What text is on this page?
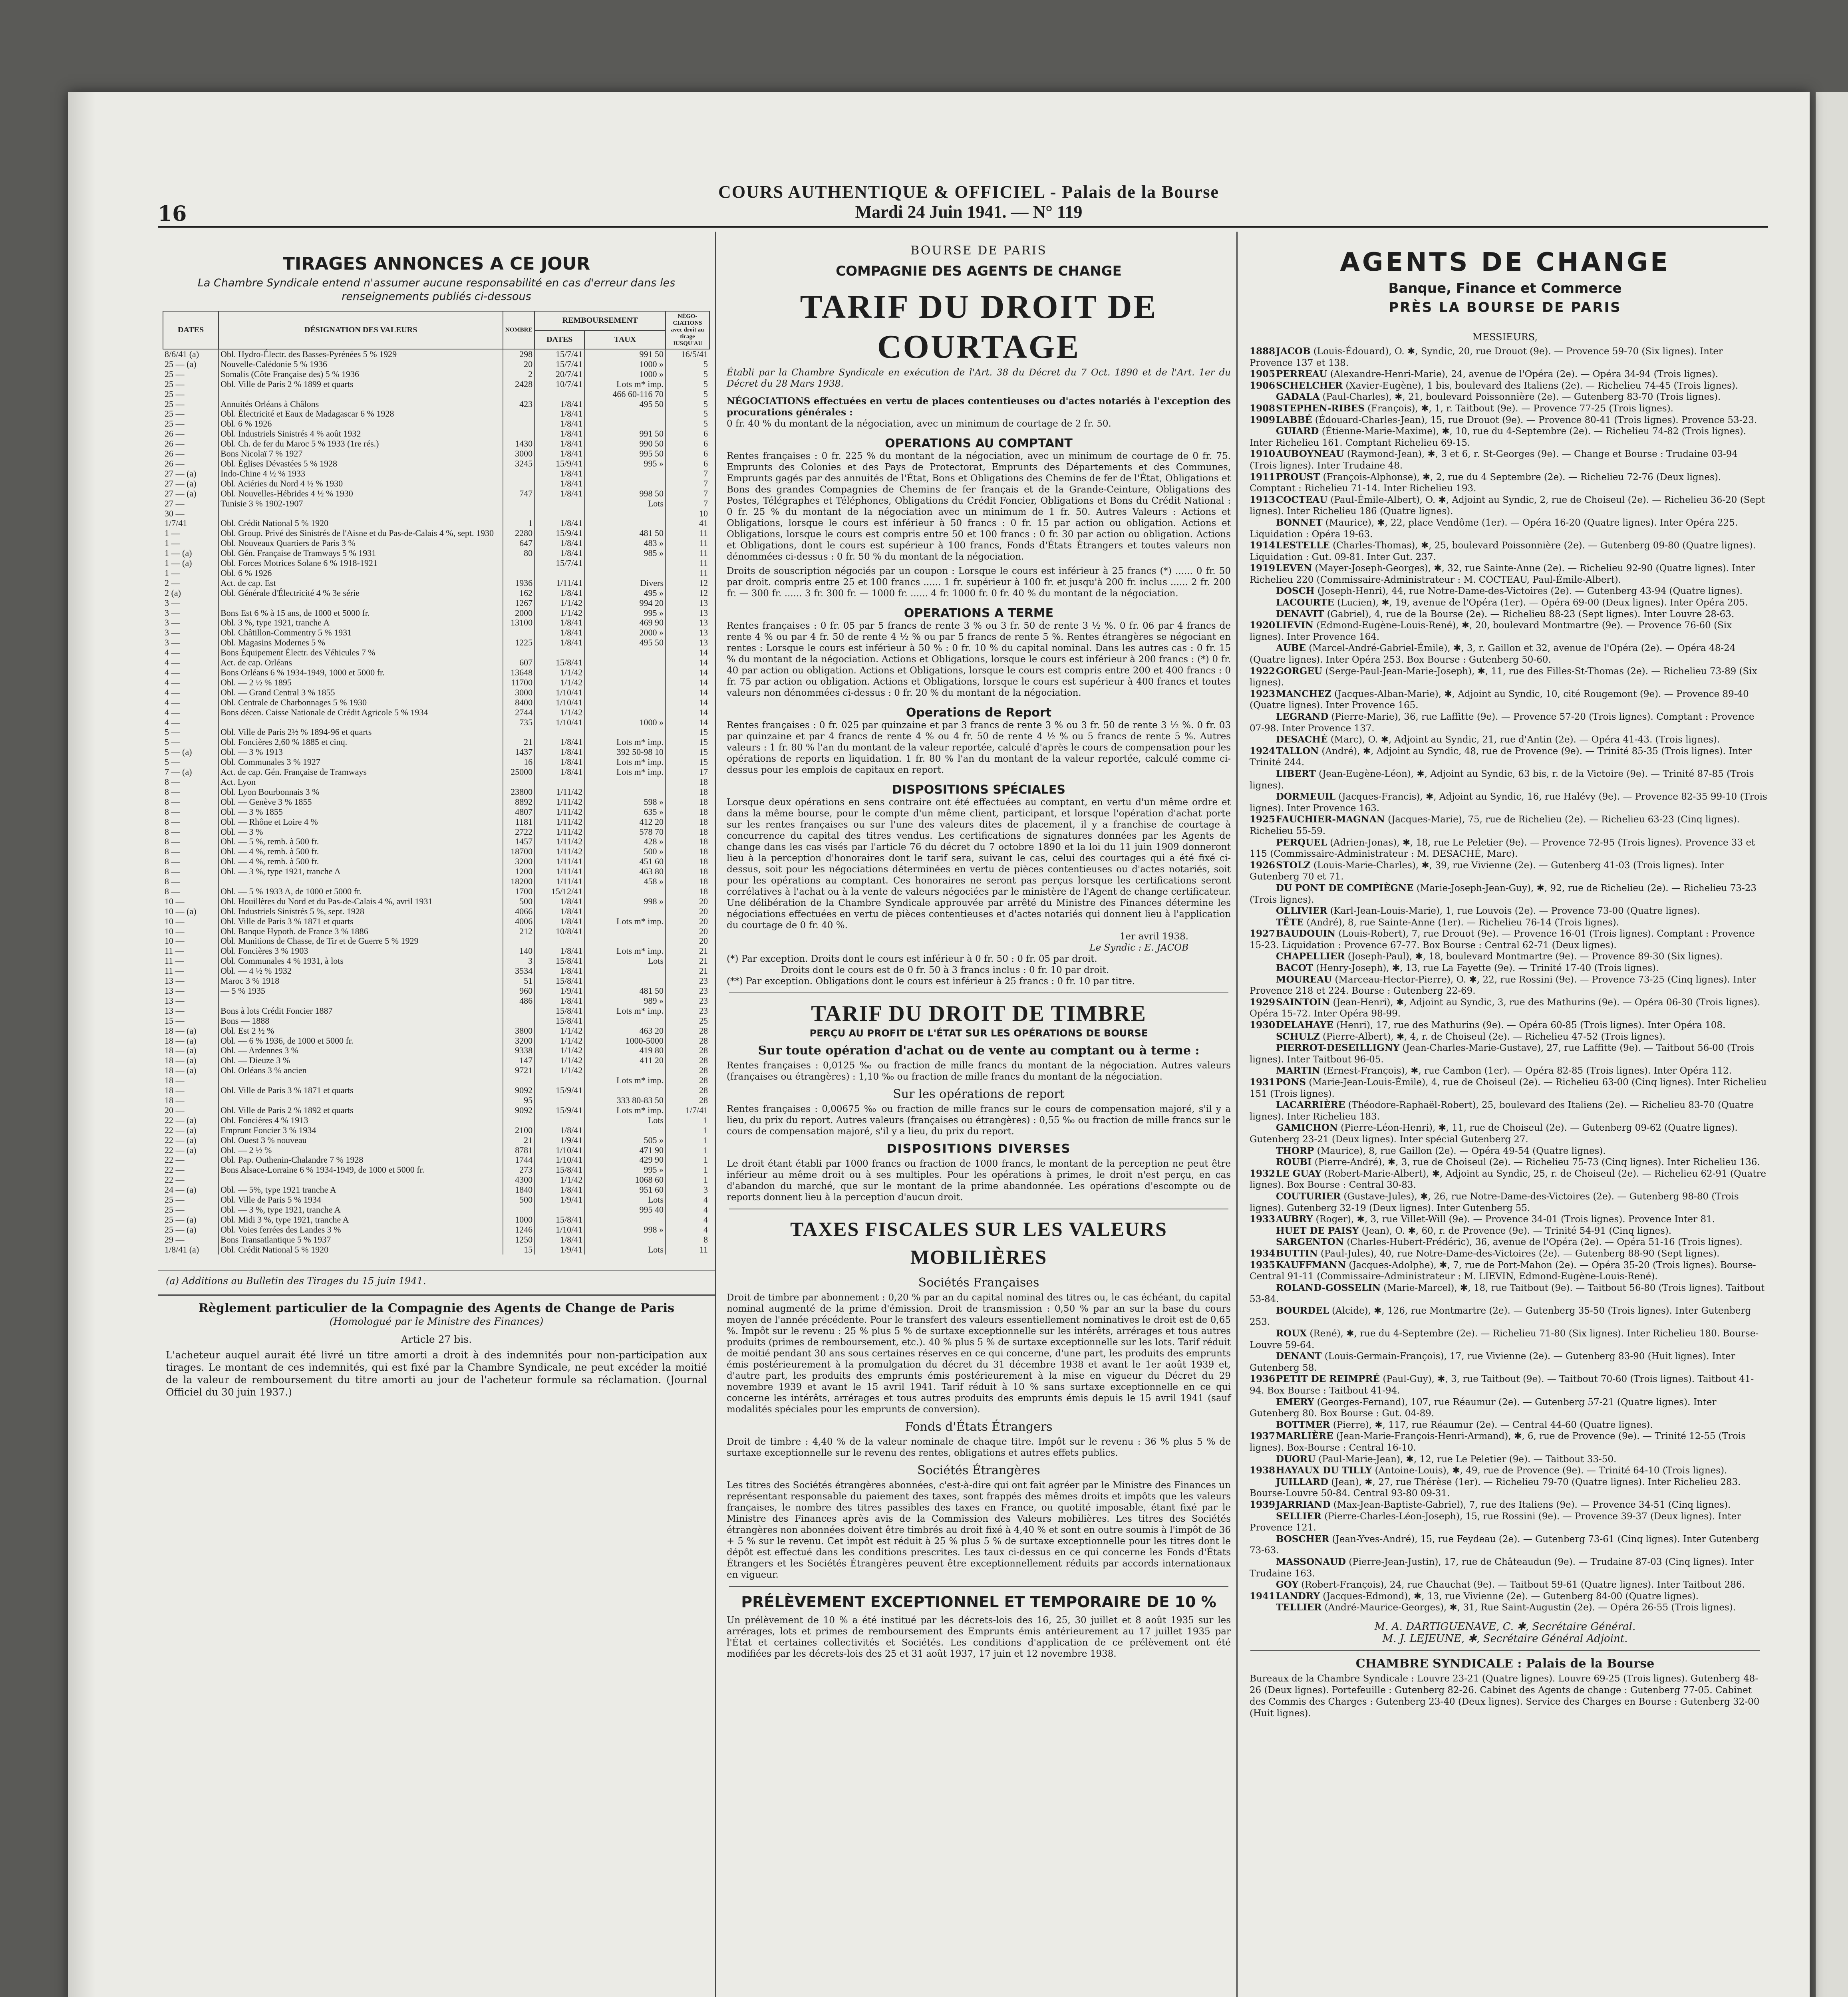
16
COURS AUTHENTIQUE & OFFICIEL - Palais de la Bourse
Mardi 24 Juin 1941. — N° 119
TIRAGES ANNONCES A CE JOUR
La Chambre Syndicale entend n'assumer aucune responsabilité en cas d'erreur dans les renseignements publiés ci-dessous
DATES	DÉSIGNATION DES VALEURS	NOMBRE	REMBOURSEMENT		NÉGO-CIATIONS avec droit au tirage JUSQU'AU
			DATES	TAUX	
8/6/41 (a)	Obl. Hydro-Électr. des Basses-Pyrénées 5 % 1929	298	15/7/41	991 50	16/5/41
25 — (a)	Nouvelle-Calédonie 5 % 1936	20	15/7/41	1000 »	5
25 —	Somalis (Côte Française des) 5 % 1936	2	20/7/41	1000 »	5
25 —	Obl. Ville de Paris 2 % 1899 et quarts	2428	10/7/41	Lots m* imp.	5
25 —				466 60-116 70	5
25 —	Annuités Orléans à Châlons	423	1/8/41	495 50	5
25 —	Obl. Électricité et Eaux de Madagascar 6 % 1928		1/8/41		5
25 —	Obl. 6 % 1926		1/8/41		5
26 —	Obl. Industriels Sinistrés 4 % août 1932		1/8/41	991 50	6
26 —	Obl. Ch. de fer du Maroc 5 % 1933 (1re rés.)	1430	1/8/41	990 50	6
26 —	Bons Nicolaï 7 % 1927	3000	1/8/41	995 50	6
26 —	Obl. Églises Dévastées 5 % 1928	3245	15/9/41	995 »	6
27 — (a)	Indo-Chine 4 ½ % 1933		1/8/41		7
27 — (a)	Obl. Aciéries du Nord 4 ½ % 1930		1/8/41		7
27 — (a)	Obl. Nouvelles-Hébrides 4 ½ % 1930	747	1/8/41	998 50	7
27 —	Tunisie 3 % 1902-1907			Lots	7
30 —					10
1/7/41	Obl. Crédit National 5 % 1920	1	1/8/41		41

1 —	Obl. Group. Privé des Sinistrés de l'Aisne et du Pas-de-Calais 4 %, sept. 1930	2280	15/9/41	481 50	11
1 —	Obl. Nouveaux Quartiers de Paris 3 %	647	1/8/41	483 »	11
1 — (a)	Obl. Gén. Française de Tramways 5 % 1931	80	1/8/41	985 »	11
1 — (a)	Obl. Forces Motrices Solane 6 % 1918-1921		15/7/41		11
1 —	Obl. 6 % 1926				11
2 —	Act. de cap. Est	1936	1/11/41	Divers	12
2 (a)	Obl. Générale d'Électricité 4 % 3e série	162	1/8/41	495 »	12
3 —		1267	1/1/42	994 20	13
3 —	Bons Est 6 % à 15 ans, de 1000 et 5000 fr.	2000	1/1/42	995 »	13
3 —	Obl. 3 %, type 1921, tranche A	13100	1/8/41	469 90	13
3 —	Obl. Châtillon-Commentry 5 % 1931		1/8/41	2000 »	13
3 —	Obl. Magasins Modernes 5 %	1225	1/8/41	495 50	13
4 —	Bons Équipement Électr. des Véhicules 7 %				14
4 —	Act. de cap. Orléans	607	15/8/41		14
4 —	Bons Orléans 6 % 1934-1949, 1000 et 5000 fr.	13648	1/1/42		14
4 —	Obl. — 2 ½ % 1895	11700	1/1/42		14
4 —	Obl. — Grand Central 3 % 1855	3000	1/10/41		14
4 —	Obl. Centrale de Charbonnages 5 % 1930	8400	1/10/41		14
4 —	Bons décen. Caisse Nationale de Crédit Agricole 5 % 1934	2744	1/1/42		14
4 —		735	1/10/41	1000 »	14
5 —	Obl. Ville de Paris 2½ % 1894-96 et quarts				15
5 —	Obl. Foncières 2,60 % 1885 et cinq.	21	1/8/41	Lots m* imp.	15
5 — (a)	Obl. — 3 % 1913	1437	1/8/41	392 50-98 10	15
5 —	Obl. Communales 3 % 1927	16	1/8/41	Lots m* imp.	15
7 — (a)	Act. de cap. Gén. Française de Tramways	25000	1/8/41	Lots m* imp.	17
8 —	Act. Lyon				18
8 —	Obl. Lyon Bourbonnais 3 %	23800	1/11/42		18
8 —	Obl. — Genève 3 % 1855	8892	1/11/42	598 »	18
8 —	Obl. — 3 % 1855	4807	1/11/42	635 »	18
8 —	Obl. — Rhône et Loire 4 %	1181	1/11/42	412 20	18
8 —	Obl. — 3 %	2722	1/11/42	578 70	18
8 —	Obl. — 5 %, remb. à 500 fr.	1457	1/11/42	428 »	18
8 —	Obl. — 4 %, remb. à 500 fr.	18700	1/11/42	500 »	18
8 —	Obl. — 4 %, remb. à 500 fr.	3200	1/11/41	451 60	18
8 —	Obl. — 3 %, type 1921, tranche A	1200	1/11/41	463 80	18
8 —		18200	1/11/41	458 »	18
8 —	Obl. — 5 % 1933 A, de 1000 et 5000 fr.	1700	15/12/41		18
10 —	Obl. Houillères du Nord et du Pas-de-Calais 4 %, avril 1931	500	1/8/41	998 »	20
10 — (a)	Obl. Industriels Sinistrés 5 %, sept. 1928	4066	1/8/41		20
10 —	Obl. Ville de Paris 3 % 1871 et quarts	4006	1/8/41	Lots m* imp.	20
10 —	Obl. Banque Hypoth. de France 3 % 1886	212	10/8/41		20
10 —	Obl. Munitions de Chasse, de Tir et de Guerre 5 % 1929				20
11 —	Obl. Foncières 3 % 1903	140	1/8/41	Lots m* imp.	21
11 —	Obl. Communales 4 % 1931, à lots	3	15/8/41	Lots	21
11 —	Obl. — 4 ½ % 1932	3534	1/8/41		21
13 —	Maroc 3 % 1918	51	15/8/41		23
13 —	— 5 % 1935	960	1/9/41	481 50	23
13 —		486	1/8/41	989 »	23
13 —	Bons à lots Crédit Foncier 1887		15/8/41	Lots m* imp.	23
15 —	Bons — 1888		15/8/41		25
18 — (a)	Obl. Est 2 ½ %	3800	1/1/42	463 20	28
18 — (a)	Obl. — 6 % 1936, de 1000 et 5000 fr.	3200	1/1/42	1000-5000	28
18 — (a)	Obl. — Ardennes 3 %	9338	1/1/42	419 80	28
18 — (a)	Obl. — Dieuze 3 %	147	1/1/42	411 20	28
18 — (a)	Obl. Orléans 3 % ancien	9721	1/1/42		28
18 —				Lots m* imp.	28
18 —	Obl. Ville de Paris 3 % 1871 et quarts	9092	15/9/41		28
18 —		95		333 80-83 50	28
20 —	Obl. Ville de Paris 2 % 1892 et quarts	9092	15/9/41	Lots m* imp.	1/7/41
22 — (a)	Obl. Foncières 4 % 1913			Lots	1
22 — (a)	Emprunt Foncier 3 % 1934	2100	1/8/41		1
22 — (a)	Obl. Ouest 3 % nouveau	21	1/9/41	505 »	1
22 — (a)	Obl. — 2 ½ %	8781	1/10/41	471 90	1
22 —	Obl. Pap. Outhenin-Chalandre 7 % 1928	1744	1/10/41	429 90	1
22 —	Bons Alsace-Lorraine 6 % 1934-1949, de 1000 et 5000 fr.	273	15/8/41	995 »	1
22 —		4300	1/1/42	1068 60	1
24 — (a)	Obl. — 5%, type 1921 tranche A	1840	1/8/41	951 60	3
25 —	Obl. Ville de Paris 5 % 1934	500	1/9/41	Lots	4
25 —	Obl. — 3 %, type 1921, tranche A			995 40	4
25 — (a)	Obl. Midi 3 %, type 1921, tranche A	1000	15/8/41		4
25 — (a)	Obl. Voies ferrées des Landes 3 %	1246	1/10/41	998 »	4
29 —	Bons Transatlantique 5 % 1937	1250	1/8/41		8
1/8/41 (a)	Obl. Crédit National 5 % 1920	15	1/9/41	Lots	11
(a) Additions au Bulletin des Tirages du 15 juin 1941.
Règlement particulier de la Compagnie des Agents de Change de Paris
(Homologué par le Ministre des Finances)
Article 27 bis.
L'acheteur auquel aurait été livré un titre amorti a droit à des indemnités pour non-participation aux tirages. Le montant de ces indemnités, qui est fixé par la Chambre Syndicale, ne peut excéder la moitié de la valeur de remboursement du titre amorti au jour de l'acheteur formule sa réclamation. (Journal Officiel du 30 juin 1937.)
BOURSE DE PARIS
COMPAGNIE DES AGENTS DE CHANGE
TARIF DU DROIT DE COURTAGE
Établi par la Chambre Syndicale en exécution de l'Art. 38 du Décret du 7 Oct. 1890 et de l'Art. 1er du Décret du 28 Mars 1938.
NÉGOCIATIONS effectuées en vertu de places contentieuses ou d'actes notariés à l'exception des procurations générales :
0 fr. 40 % du montant de la négociation, avec un minimum de courtage de 2 fr. 50.
OPERATIONS AU COMPTANT
Rentes françaises : 0 fr. 225 % du montant de la négociation, avec un minimum de courtage de 0 fr. 75. Emprunts des Colonies et des Pays de Protectorat, Emprunts des Départements et des Communes, Emprunts gagés par des annuités de l'État, Bons et Obligations des Chemins de fer de l'État, Obligations et Bons des grandes Compagnies de Chemins de fer français et de la Grande-Ceinture, Obligations des Postes, Télégraphes et Téléphones, Obligations du Crédit Foncier, Obligations et Bons du Crédit National : 0 fr. 25 % du montant de la négociation avec un minimum de 1 fr. 50. Autres Valeurs : Actions et Obligations, lorsque le cours est inférieur à 50 francs : 0 fr. 15 par action ou obligation. Actions et Obligations, lorsque le cours est compris entre 50 et 100 francs : 0 fr. 30 par action ou obligation. Actions et Obligations, dont le cours est supérieur à 100 francs, Fonds d'États Étrangers et toutes valeurs non dénommées ci-dessus : 0 fr. 50 % du montant de la négociation.
Droits de souscription négociés par un coupon : Lorsque le cours est inférieur à 25 francs (*) ...... 0 fr. 50 par droit. compris entre 25 et 100 francs ...... 1 fr. supérieur à 100 fr. et jusqu'à 200 fr. inclus ...... 2 fr. 200 fr. — 300 fr. ...... 3 fr. 300 fr. — 1000 fr. ...... 4 fr. 1000 fr. 0 fr. 40 % du montant de la négociation.
OPERATIONS A TERME
Rentes françaises : 0 fr. 05 par 5 francs de rente 3 % ou 3 fr. 50 de rente 3 ½ %. 0 fr. 06 par 4 francs de rente 4 % ou par 4 fr. 50 de rente 4 ½ % ou par 5 francs de rente 5 %. Rentes étrangères se négociant en rentes : Lorsque le cours est inférieur à 50 % : 0 fr. 10 % du capital nominal. Dans les autres cas : 0 fr. 15 % du montant de la négociation. Actions et Obligations, lorsque le cours est inférieur à 200 francs : (*) 0 fr. 40 par action ou obligation. Actions et Obligations, lorsque le cours est compris entre 200 et 400 francs : 0 fr. 75 par action ou obligation. Actions et Obligations, lorsque le cours est supérieur à 400 francs et toutes valeurs non dénommées ci-dessus : 0 fr. 20 % du montant de la négociation.
Operations de Report
Rentes françaises : 0 fr. 025 par quinzaine et par 3 francs de rente 3 % ou 3 fr. 50 de rente 3 ½ %. 0 fr. 03 par quinzaine et par 4 francs de rente 4 % ou 4 fr. 50 de rente 4 ½ % ou 5 francs de rente 5 %. Autres valeurs : 1 fr. 80 % l'an du montant de la valeur reportée, calculé d'après le cours de compensation pour les opérations de reports en liquidation. 1 fr. 80 % l'an du montant de la valeur reportée, calculé comme ci-dessus pour les emplois de capitaux en report.
DISPOSITIONS SPÉCIALES
Lorsque deux opérations en sens contraire ont été effectuées au comptant, en vertu d'un même ordre et dans la même bourse, pour le compte d'un même client, participant, et lorsque l'opération d'achat porte sur les rentes françaises ou sur l'une des valeurs dites de placement, il y a franchise de courtage à concurrence du capital des titres vendus. Les certifications de signatures données par les Agents de change dans les cas visés par l'article 76 du décret du 7 octobre 1890 et la loi du 11 juin 1909 donneront lieu à la perception d'honoraires dont le tarif sera, suivant le cas, celui des courtages qui a été fixé ci-dessus, soit pour les négociations déterminées en vertu de pièces contentieuses ou d'actes notariés, soit pour les opérations au comptant. Ces honoraires ne seront pas perçus lorsque les certifications seront corrélatives à l'achat ou à la vente de valeurs négociées par le ministère de l'Agent de change certificateur. Une délibération de la Chambre Syndicale approuvée par arrêté du Ministre des Finances détermine les négociations effectuées en vertu de pièces contentieuses et d'actes notariés qui donnent lieu à l'application du courtage de 0 fr. 40 %.
1er avril 1938.
Le Syndic : E. JACOB
(*) Par exception. Droits dont le cours est inférieur à 0 fr. 50 : 0 fr. 05 par droit.
Droits dont le cours est de 0 fr. 50 à 3 francs inclus : 0 fr. 10 par droit.
(**) Par exception. Obligations dont le cours est inférieur à 25 francs : 0 fr. 10 par titre.
TARIF DU DROIT DE TIMBRE
PERÇU AU PROFIT DE L'ÉTAT SUR LES OPÉRATIONS DE BOURSE
Sur toute opération d'achat ou de vente au comptant ou à terme :
Rentes françaises : 0,0125 ‰ ou fraction de mille francs du montant de la négociation. Autres valeurs (françaises ou étrangères) : 1,10 ‰ ou fraction de mille francs du montant de la négociation.
Sur les opérations de report
Rentes françaises : 0,00675 ‰ ou fraction de mille francs sur le cours de compensation majoré, s'il y a lieu, du prix du report. Autres valeurs (françaises ou étrangères) : 0,55 ‰ ou fraction de mille francs sur le cours de compensation majoré, s'il y a lieu, du prix du report.
DISPOSITIONS DIVERSES
Le droit étant établi par 1000 francs ou fraction de 1000 francs, le montant de la perception ne peut être inférieur au même droit ou à ses multiples. Pour les opérations à primes, le droit n'est perçu, en cas d'abandon du marché, que sur le montant de la prime abandonnée. Les opérations d'escompte ou de reports donnent lieu à la perception d'aucun droit.
TAXES FISCALES SUR LES VALEURS MOBILIÈRES
Sociétés Françaises
Droit de timbre par abonnement : 0,20 % par an du capital nominal des titres ou, le cas échéant, du capital nominal augmenté de la prime d'émission. Droit de transmission : 0,50 % par an sur la base du cours moyen de l'année précédente. Pour le transfert des valeurs essentiellement nominatives le droit est de 0,65 %. Impôt sur le revenu : 25 % plus 5 % de surtaxe exceptionnelle sur les intérêts, arrérages et tous autres produits (primes de remboursement, etc.). 40 % plus 5 % de surtaxe exceptionnelle sur les lots. Tarif réduit de moitié pendant 30 ans sous certaines réserves en ce qui concerne, d'une part, les produits des emprunts émis postérieurement à la promulgation du décret du 31 décembre 1938 et avant le 1er août 1939 et, d'autre part, les produits des emprunts émis postérieurement à la mise en vigueur du Décret du 29 novembre 1939 et avant le 15 avril 1941. Tarif réduit à 10 % sans surtaxe exceptionnelle en ce qui concerne les intérêts, arrérages et tous autres produits des emprunts émis depuis le 15 avril 1941 (sauf modalités spéciales pour les emprunts de conversion).
Fonds d'États Étrangers
Droit de timbre : 4,40 % de la valeur nominale de chaque titre. Impôt sur le revenu : 36 % plus 5 % de surtaxe exceptionnelle sur le revenu des rentes, obligations et autres effets publics.
Sociétés Étrangères
Les titres des Sociétés étrangères abonnées, c'est-à-dire qui ont fait agréer par le Ministre des Finances un représentant responsable du paiement des taxes, sont frappés des mêmes droits et impôts que les valeurs françaises, le nombre des titres passibles des taxes en France, ou quotité imposable, étant fixé par le Ministre des Finances après avis de la Commission des Valeurs mobilières. Les titres des Sociétés étrangères non abonnées doivent être timbrés au droit fixé à 4,40 % et sont en outre soumis à l'impôt de 36 + 5 % sur le revenu. Cet impôt est réduit à 25 % plus 5 % de surtaxe exceptionnelle pour les titres dont le dépôt est effectué dans les conditions prescrites. Les taux ci-dessus en ce qui concerne les Fonds d'États Étrangers et les Sociétés Étrangères peuvent être exceptionnellement réduits par accords internationaux en vigueur.
PRÉLÈVEMENT EXCEPTIONNEL ET TEMPORAIRE DE 10 %
Un prélèvement de 10 % a été institué par les décrets-lois des 16, 25, 30 juillet et 8 août 1935 sur les arrérages, lots et primes de remboursement des Emprunts émis antérieurement au 17 juillet 1935 par l'État et certaines collectivités et Sociétés. Les conditions d'application de ce prélèvement ont été modifiées par les décrets-lois des 25 et 31 août 1937, 17 juin et 12 novembre 1938.
AGENTS DE CHANGE
Banque, Finance et Commerce
PRÈS LA BOURSE DE PARIS
MESSIEURS,
1888JACOB (Louis-Édouard), O. ✱, Syndic, 20, rue Drouot (9e). — Provence 59-70 (Six lignes). Inter Provence 137 et 138.
1905PERREAU (Alexandre-Henri-Marie), 24, avenue de l'Opéra (2e). — Opéra 34-94 (Trois lignes).
1906SCHELCHER (Xavier-Eugène), 1 bis, boulevard des Italiens (2e). — Richelieu 74-45 (Trois lignes).
GADALA (Paul-Charles), ✱, 21, boulevard Poissonnière (2e). — Gutenberg 83-70 (Trois lignes).
1908STEPHEN-RIBES (François), ✱, 1, r. Taitbout (9e). — Provence 77-25 (Trois lignes).
1909LABBÉ (Édouard-Charles-Jean), 15, rue Drouot (9e). — Provence 80-41 (Trois lignes). Provence 53-23.
GUIARD (Étienne-Marie-Maxime), ✱, 10, rue du 4-Septembre (2e). — Richelieu 74-82 (Trois lignes). Inter Richelieu 161. Comptant Richelieu 69-15.
1910AUBOYNEAU (Raymond-Jean), ✱, 3 et 6, r. St-Georges (9e). — Change et Bourse : Trudaine 03-94 (Trois lignes). Inter Trudaine 48.
1911PROUST (François-Alphonse), ✱, 2, rue du 4 Septembre (2e). — Richelieu 72-76 (Deux lignes). Comptant : Richelieu 71-14. Inter Richelieu 193.
1913COCTEAU (Paul-Émile-Albert), O. ✱, Adjoint au Syndic, 2, rue de Choiseul (2e). — Richelieu 36-20 (Sept lignes). Inter Richelieu 186 (Quatre lignes).
BONNET (Maurice), ✱, 22, place Vendôme (1er). — Opéra 16-20 (Quatre lignes). Inter Opéra 225. Liquidation : Opéra 19-63.
1914LESTELLE (Charles-Thomas), ✱, 25, boulevard Poissonnière (2e). — Gutenberg 09-80 (Quatre lignes). Liquidation : Gut. 09-81. Inter Gut. 237.
1919LEVEN (Mayer-Joseph-Georges), ✱, 32, rue Sainte-Anne (2e). — Richelieu 92-90 (Quatre lignes). Inter Richelieu 220 (Commissaire-Administrateur : M. COCTEAU, Paul-Émile-Albert).
DOSCH (Joseph-Henri), 44, rue Notre-Dame-des-Victoires (2e). — Gutenberg 43-94 (Quatre lignes).
LACOURTE (Lucien), ✱, 19, avenue de l'Opéra (1er). — Opéra 69-00 (Deux lignes). Inter Opéra 205.
DENAVIT (Gabriel), 4, rue de la Bourse (2e). — Richelieu 88-23 (Sept lignes). Inter Louvre 28-63.
1920LIEVIN (Edmond-Eugène-Louis-René), ✱, 20, boulevard Montmartre (9e). — Provence 76-60 (Six lignes). Inter Provence 164.
AUBE (Marcel-André-Gabriel-Émile), ✱, 3, r. Gaillon et 32, avenue de l'Opéra (2e). — Opéra 48-24 (Quatre lignes). Inter Opéra 253. Box Bourse : Gutenberg 50-60.
1922GORGEU (Serge-Paul-Jean-Marie-Joseph), ✱, 11, rue des Filles-St-Thomas (2e). — Richelieu 73-89 (Six lignes).
1923MANCHEZ (Jacques-Alban-Marie), ✱, Adjoint au Syndic, 10, cité Rougemont (9e). — Provence 89-40 (Quatre lignes). Inter Provence 165.
LEGRAND (Pierre-Marie), 36, rue Laffitte (9e). — Provence 57-20 (Trois lignes). Comptant : Provence 07-98. Inter Provence 137.
DESACHÉ (Marc), O. ✱, Adjoint au Syndic, 21, rue d'Antin (2e). — Opéra 41-43. (Trois lignes).
1924TALLON (André), ✱, Adjoint au Syndic, 48, rue de Provence (9e). — Trinité 85-35 (Trois lignes). Inter Trinité 244.
LIBERT (Jean-Eugène-Léon), ✱, Adjoint au Syndic, 63 bis, r. de la Victoire (9e). — Trinité 87-85 (Trois lignes).
DORMEUIL (Jacques-Francis), ✱, Adjoint au Syndic, 16, rue Halévy (9e). — Provence 82-35 99-10 (Trois lignes). Inter Provence 163.
1925FAUCHIER-MAGNAN (Jacques-Marie), 75, rue de Richelieu (2e). — Richelieu 63-23 (Cinq lignes). Richelieu 55-59.
PERQUEL (Adrien-Jonas), ✱, 18, rue Le Peletier (9e). — Provence 72-95 (Trois lignes). Provence 33 et 115 (Commissaire-Administrateur : M. DESACHÉ, Marc).
1926STOLZ (Louis-Marie-Charles), ✱, 39, rue Vivienne (2e). — Gutenberg 41-03 (Trois lignes). Inter Gutenberg 70 et 71.
DU PONT DE COMPIÈGNE (Marie-Joseph-Jean-Guy), ✱, 92, rue de Richelieu (2e). — Richelieu 73-23 (Trois lignes).
OLLIVIER (Karl-Jean-Louis-Marie), 1, rue Louvois (2e). — Provence 73-00 (Quatre lignes).
TÊTE (André), 8, rue Sainte-Anne (1er). — Richelieu 76-14 (Trois lignes).
1927BAUDOUIN (Louis-Robert), 7, rue Drouot (9e). — Provence 16-01 (Trois lignes). Comptant : Provence 15-23. Liquidation : Provence 67-77. Box Bourse : Central 62-71 (Deux lignes).
CHAPELLIER (Joseph-Paul), ✱, 18, boulevard Montmartre (9e). — Provence 89-30 (Six lignes).
BACOT (Henry-Joseph), ✱, 13, rue La Fayette (9e). — Trinité 17-40 (Trois lignes).
MOUREAU (Marceau-Hector-Pierre), O. ✱, 22, rue Rossini (9e). — Provence 73-25 (Cinq lignes). Inter Provence 218 et 224. Bourse : Gutenberg 22-69.
1929SAINTOIN (Jean-Henri), ✱, Adjoint au Syndic, 3, rue des Mathurins (9e). — Opéra 06-30 (Trois lignes). Opéra 15-72. Inter Opéra 98-99.
1930DELAHAYE (Henri), 17, rue des Mathurins (9e). — Opéra 60-85 (Trois lignes). Inter Opéra 108.
SCHULZ (Pierre-Albert), ✱, 4, r. de Choiseul (2e). — Richelieu 47-52 (Trois lignes).
PIERROT-DESEILLIGNY (Jean-Charles-Marie-Gustave), 27, rue Laffitte (9e). — Taitbout 56-00 (Trois lignes). Inter Taitbout 96-05.
MARTIN (Ernest-François), ✱, rue Cambon (1er). — Opéra 82-85 (Trois lignes). Inter Opéra 112.
1931PONS (Marie-Jean-Louis-Émile), 4, rue de Choiseul (2e). — Richelieu 63-00 (Cinq lignes). Inter Richelieu 151 (Trois lignes).
LACARRIÈRE (Théodore-Raphaël-Robert), 25, boulevard des Italiens (2e). — Richelieu 83-70 (Quatre lignes). Inter Richelieu 183.
GAMICHON (Pierre-Léon-Henri), ✱, 11, rue de Choiseul (2e). — Gutenberg 09-62 (Quatre lignes). Gutenberg 23-21 (Deux lignes). Inter spécial Gutenberg 27.
THORP (Maurice), 8, rue Gaillon (2e). — Opéra 49-54 (Quatre lignes).
ROUBI (Pierre-André), ✱, 3, rue de Choiseul (2e). — Richelieu 75-73 (Cinq lignes). Inter Richelieu 136.
1932LE GUAY (Robert-Marie-Albert), ✱, Adjoint au Syndic, 25, r. de Choiseul (2e). — Richelieu 62-91 (Quatre lignes). Box Bourse : Central 30-83.
COUTURIER (Gustave-Jules), ✱, 26, rue Notre-Dame-des-Victoires (2e). — Gutenberg 98-80 (Trois lignes). Gutenberg 32-19 (Deux lignes). Inter Gutenberg 55.
1933AUBRY (Roger), ✱, 3, rue Villet-Will (9e). — Provence 34-01 (Trois lignes). Provence Inter 81.
HUET DE PAISY (Jean), O. ✱, 60, r. de Provence (9e). — Trinité 54-91 (Cinq lignes).
SARGENTON (Charles-Hubert-Frédéric), 36, avenue de l'Opéra (2e). — Opéra 51-16 (Trois lignes).
1934BUTTIN (Paul-Jules), 40, rue Notre-Dame-des-Victoires (2e). — Gutenberg 88-90 (Sept lignes).
1935KAUFFMANN (Jacques-Adolphe), ✱, 7, rue de Port-Mahon (2e). — Opéra 35-20 (Trois lignes). Bourse-Central 91-11 (Commissaire-Administrateur : M. LIEVIN, Edmond-Eugène-Louis-René).
ROLAND-GOSSELIN (Marie-Marcel), ✱, 18, rue Taitbout (9e). — Taitbout 56-80 (Trois lignes). Taitbout 53-84.
BOURDEL (Alcide), ✱, 126, rue Montmartre (2e). — Gutenberg 35-50 (Trois lignes). Inter Gutenberg 253.
ROUX (René), ✱, rue du 4-Septembre (2e). — Richelieu 71-80 (Six lignes). Inter Richelieu 180. Bourse-Louvre 59-64.
DENANT (Louis-Germain-François), 17, rue Vivienne (2e). — Gutenberg 83-90 (Huit lignes). Inter Gutenberg 58.
1936PETIT DE REIMPRÉ (Paul-Guy), ✱, 3, rue Taitbout (9e). — Taitbout 70-60 (Trois lignes). Taitbout 41-94. Box Bourse : Taitbout 41-94.
EMERY (Georges-Fernand), 107, rue Réaumur (2e). — Gutenberg 57-21 (Quatre lignes). Inter Gutenberg 80. Box Bourse : Gut. 04-89.
BOTTMER (Pierre), ✱, 117, rue Réaumur (2e). — Central 44-60 (Quatre lignes).
1937MARLIÈRE (Jean-Marie-François-Henri-Armand), ✱, 6, rue de Provence (9e). — Trinité 12-55 (Trois lignes). Box-Bourse : Central 16-10.
DUORU (Paul-Marie-Jean), ✱, 12, rue Le Peletier (9e). — Taitbout 33-50.
1938HAYAUX DU TILLY (Antoine-Louis), ✱, 49, rue de Provence (9e). — Trinité 64-10 (Trois lignes).
JUILLARD (Jean), ✱, 27, rue Thérèse (1er). — Richelieu 79-70 (Quatre lignes). Inter Richelieu 283. Bourse-Louvre 50-84. Central 93-80 09-31.
1939JARRIAND (Max-Jean-Baptiste-Gabriel), 7, rue des Italiens (9e). — Provence 34-51 (Cinq lignes).
SELLIER (Pierre-Charles-Léon-Joseph), 15, rue Rossini (9e). — Provence 39-37 (Deux lignes). Inter Provence 121.
BOSCHER (Jean-Yves-André), 15, rue Feydeau (2e). — Gutenberg 73-61 (Cinq lignes). Inter Gutenberg 73-63.
MASSONAUD (Pierre-Jean-Justin), 17, rue de Châteaudun (9e). — Trudaine 87-03 (Cinq lignes). Inter Trudaine 163.
GOY (Robert-François), 24, rue Chauchat (9e). — Taitbout 59-61 (Quatre lignes). Inter Taitbout 286.
1941LANDRY (Jacques-Edmond), ✱, 13, rue Vivienne (2e). — Gutenberg 84-00 (Quatre lignes).
TELLIER (André-Maurice-Georges), ✱, 31, Rue Saint-Augustin (2e). — Opéra 26-55 (Trois lignes).
M. A. DARTIGUENAVE, C. ✱, Secrétaire Général.
M. J. LEJEUNE, ✱, Secrétaire Général Adjoint.
CHAMBRE SYNDICALE : Palais de la Bourse
Bureaux de la Chambre Syndicale : Louvre 23-21 (Quatre lignes). Louvre 69-25 (Trois lignes). Gutenberg 48-26 (Deux lignes). Portefeuille : Gutenberg 82-26. Cabinet des Agents de change : Gutenberg 77-05. Cabinet des Commis des Charges : Gutenberg 23-40 (Deux lignes). Service des Charges en Bourse : Gutenberg 32-00 (Huit lignes).
